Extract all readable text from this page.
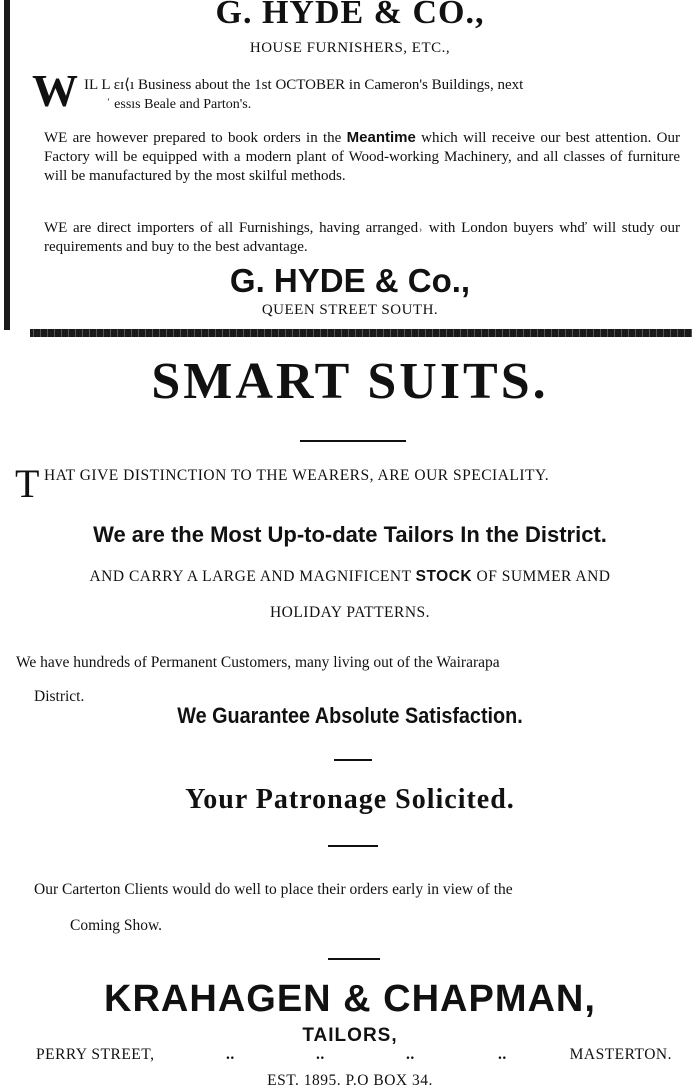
G. HYDE & CO.,
HOUSE FURNISHERS, ETC.,
W IL L ɛɪ⟨ı Business about the 1st OCTOBER in Cameron's Buildings, next
ˈ essıs Beale and Parton's.
WE are however prepared to book orders in the Meantime which will receive our best attention. Our Factory will be equipped with a modern plant of Wood-working Machinery, and all classes of furniture will be manufactured by the most skilful methods.
WE are direct importers of all Furnishings, having arranged˒ with London buyers whď will study our requirements and buy to the best advantage.
G. HYDE & Co.,
QUEEN STREET SOUTH.
SMART SUITS.
T HAT GIVE DISTINCTION TO THE WEARERS, ARE OUR SPECIALITY.
We are the Most Up-to-date Tailors In the District.
AND CARRY A LARGE AND MAGNIFICENT STOCK OF SUMMER AND
HOLIDAY PATTERNS.
We have hundreds of Permanent Customers, many living out of the Wairarapa
District.
We Guarantee Absolute Satisfaction.
Your Patronage Solicited.
Our Carterton Clients would do well to place their orders early in view of the
Coming Show.
KRAHAGEN & CHAPMAN,
TAILORS,
PERRY STREET,	..	..	..	..	MASTERTON.
EST. 1895. P.O BOX 34.
